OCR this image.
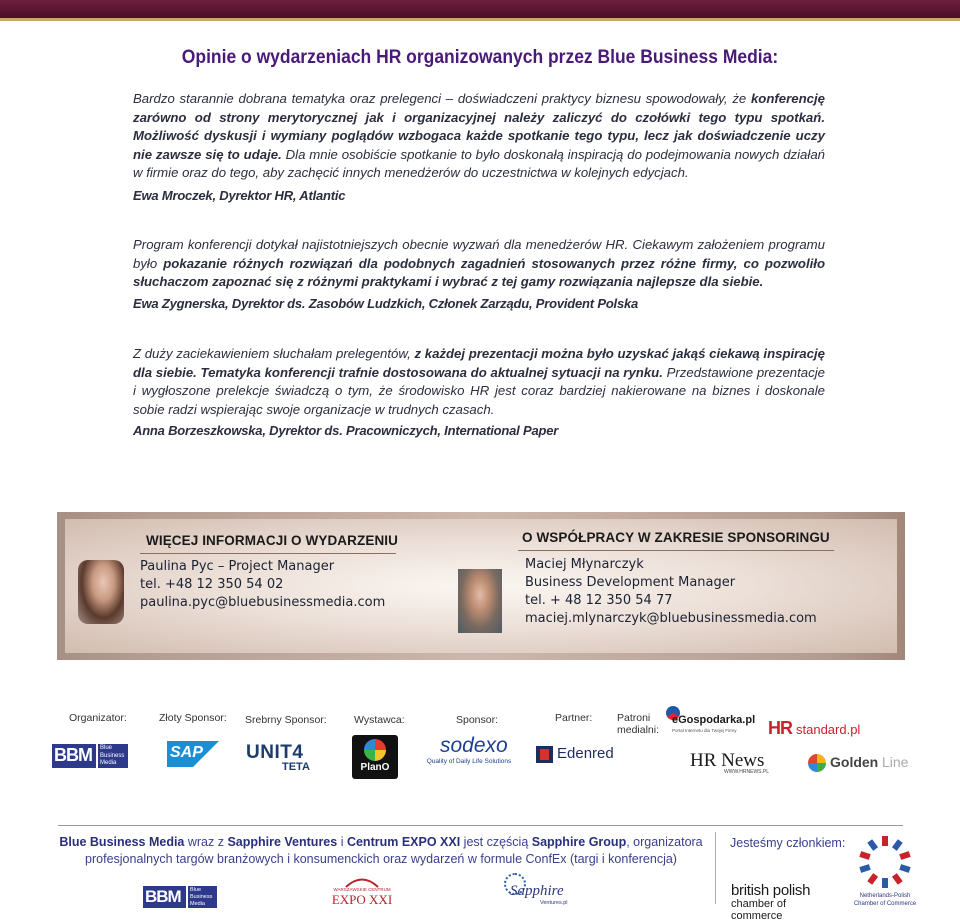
Opinie o wydarzeniach HR organizowanych przez Blue Business Media:
Bardzo starannie dobrana tematyka oraz prelegenci – doświadczeni praktycy biznesu spowodowały, że konferencję zarówno od strony merytorycznej jak i organizacyjnej należy zaliczyć do czołówki tego typu spotkań. Możliwość dyskusji i wymiany poglądów wzbogaca każde spotkanie tego typu, lecz jak doświadczenie uczy nie zawsze się to udaje. Dla mnie osobiście spotkanie to było doskonałą inspiracją do podejmowania nowych działań w firmie oraz do tego, aby zachęcić innych menedżerów do uczestnictwa w kolejnych edycjach.
Ewa Mroczek, Dyrektor HR, Atlantic
Program konferencji dotykał najistotniejszych obecnie wyzwań dla menedżerów HR. Ciekawym założeniem programu było pokazanie różnych rozwiązań dla podobnych zagadnień stosowanych przez różne firmy, co pozwoliło słuchaczom zapoznać się z różnymi praktykami i wybrać z tej gamy rozwiązania najlepsze dla siebie.
Ewa Zygnerska, Dyrektor ds. Zasobów Ludzkich, Członek Zarządu, Provident Polska
Z duży zaciekawieniem słuchałam prelegentów, z każdej prezentacji można było uzyskać jakąś ciekawą inspirację dla siebie. Tematyka konferencji trafnie dostosowana do aktualnej sytuacji na rynku. Przedstawione prezentacje i wygłoszone prelekcje świadczą o tym, że środowisko HR jest coraz bardziej nakierowane na biznes i doskonale sobie radzi wspierając swoje organizacje w trudnych czasach.
Anna Borzeszkowska, Dyrektor ds. Pracowniczych, International Paper
WIĘCEJ INFORMACJI O WYDARZENIU
Paulina Pyc – Project Manager
tel. +48 12 350 54 02
paulina.pyc@bluebusinessmedia.com
O WSPÓŁPRACY W ZAKRESIE SPONSORINGU
Maciej Młynarczyk
Business Development Manager
tel. + 48 12 350 54 77
maciej.mlynarczyk@bluebusinessmedia.com
Organizator:	Złoty Sponsor: Srebrny Sponsor:	Wystawca:	Sponsor:	Partner: Patroni medialni:
BBM Blue
Business
Media
SAP UNIT4
TETA	PlanO
sodexo
Quality of Daily Life Solutions	Edenred
eGospodarka.pl
Portal Internetu dla Twojej Firmy HR standard.pl
HR News
WWW.HRNEWS.PL
Golden Line
Blue Business Media wraz z Sapphire Ventures i Centrum EXPO XXI jest częścią Sapphire Group, organizatora profesjonalnych targów branżowych i konsumenckich oraz wydarzeń w formule ConfEx (targi i konferencja)
BBM Blue
Business
Media
WARSZAWSKIE CENTRUM
EXPO XXI
Sapphire
Ventures.pl
Jesteśmy członkiem:
british polish
chamber of commerce
Netherlands-Polish
Chamber of Commerce
